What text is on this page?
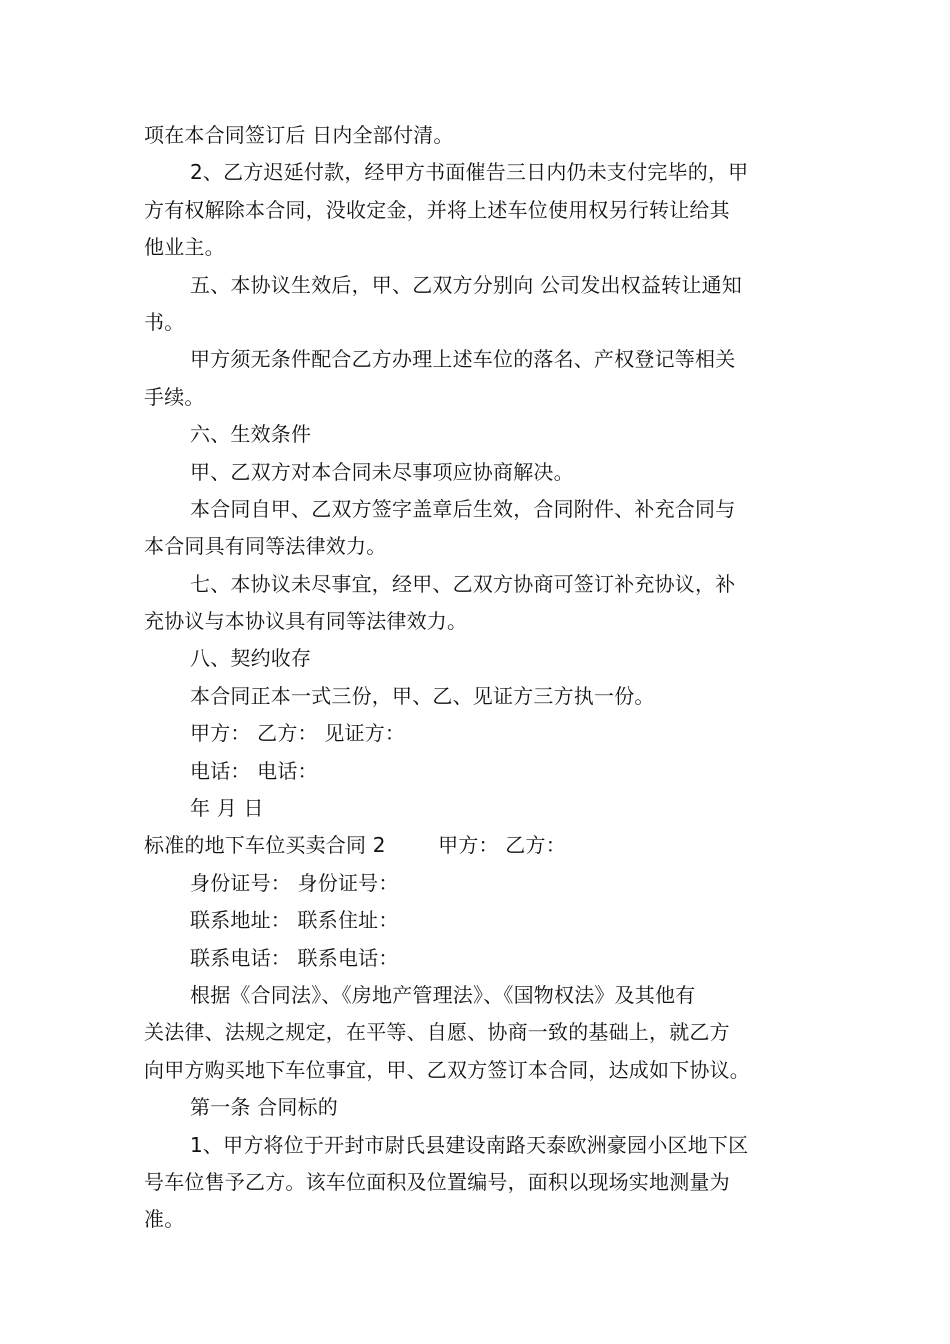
项在本合同签订后 日内全部付清。
2、乙方迟延付款，经甲方书面催告三日内仍未支付完毕的，甲
方有权解除本合同，没收定金，并将上述车位使用权另行转让给其
他业主。
五、本协议生效后，甲、乙双方分别向 公司发出权益转让通知
书。
甲方须无条件配合乙方办理上述车位的落名、产权登记等相关
手续。
六、生效条件
甲、乙双方对本合同未尽事项应协商解决。
本合同自甲、乙双方签字盖章后生效，合同附件、补充合同与
本合同具有同等法律效力。
七、本协议未尽事宜，经甲、乙双方协商可签订补充协议，补
充协议与本协议具有同等法律效力。
八、契约收存
本合同正本一式三份，甲、乙、见证方三方执一份。
甲方： 乙方： 见证方：
电话： 电话：
年 月 日
标准的地下车位买卖合同 2        甲方： 乙方：
身份证号： 身份证号：
联系地址： 联系住址：
联系电话： 联系电话：
根据《合同法》、《房地产管理法》、《国物权法》及其他有
关法律、法规之规定，在平等、自愿、协商一致的基础上，就乙方
向甲方购买地下车位事宜，甲、乙双方签订本合同，达成如下协议。
第一条 合同标的
1、甲方将位于开封市尉氏县建设南路天泰欧洲豪园小区地下区
号车位售予乙方。该车位面积及位置编号，面积以现场实地测量为
准。
